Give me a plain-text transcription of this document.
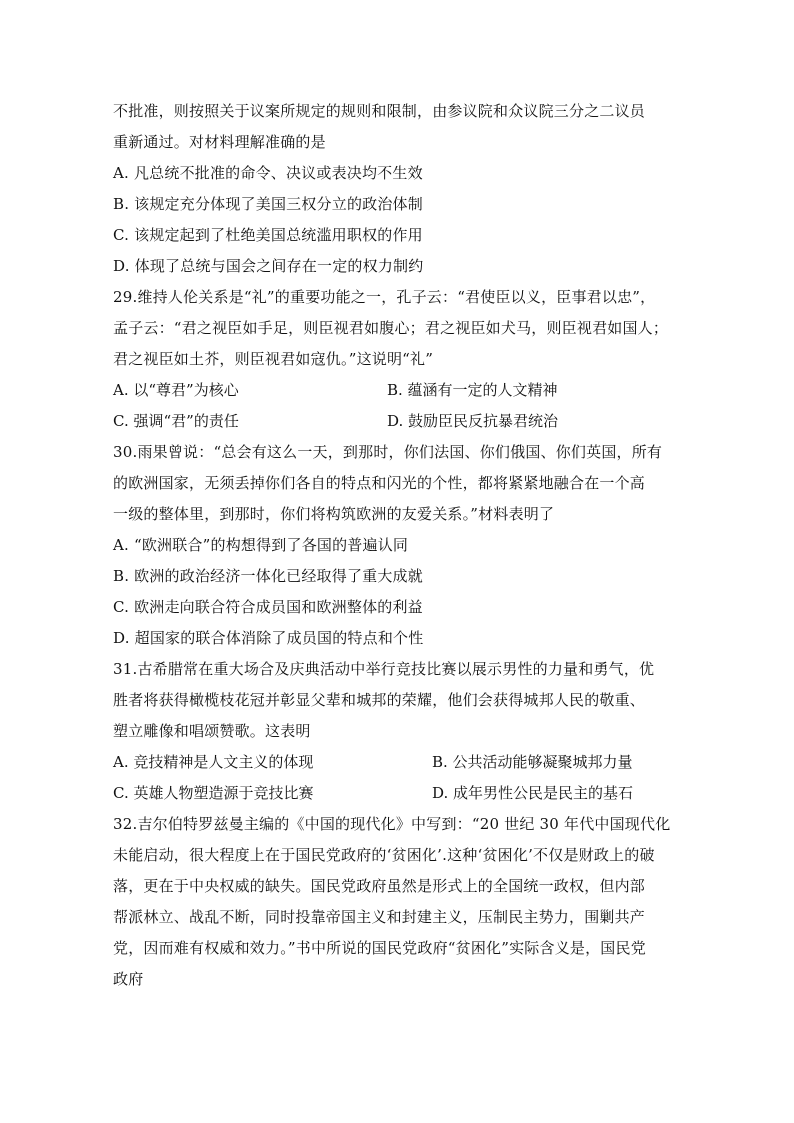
不批准，则按照关于议案所规定的规则和限制，由参议院和众议院三分之二议员
重新通过。对材料理解准确的是
A. 凡总统不批准的命令、决议或表决均不生效
B. 该规定充分体现了美国三权分立的政治体制
C. 该规定起到了杜绝美国总统滥用职权的作用
D. 体现了总统与国会之间存在一定的权力制约
29.维持人伦关系是“礼”的重要功能之一，孔子云：“君使臣以义，臣事君以忠”，
孟子云：“君之视臣如手足，则臣视君如腹心；君之视臣如犬马，则臣视君如国人；
君之视臣如土芥，则臣视君如寇仇。”这说明“礼”
A. 以“尊君”为核心	B. 蕴涵有一定的人文精神
C. 强调“君”的责任	D. 鼓励臣民反抗暴君统治
30.雨果曾说：“总会有这么一天，到那时，你们法国、你们俄国、你们英国，所有
的欧洲国家，无须丢掉你们各自的特点和闪光的个性，都将紧紧地融合在一个高
一级的整体里，到那时，你们将构筑欧洲的友爱关系。”材料表明了
A. “欧洲联合”的构想得到了各国的普遍认同
B. 欧洲的政治经济一体化已经取得了重大成就
C. 欧洲走向联合符合成员国和欧洲整体的利益
D. 超国家的联合体消除了成员国的特点和个性
31.古希腊常在重大场合及庆典活动中举行竞技比赛以展示男性的力量和勇气，优
胜者将获得橄榄枝花冠并彰显父辈和城邦的荣耀，他们会获得城邦人民的敬重、
塑立雕像和唱颂赞歌。这表明
A. 竞技精神是人文主义的体现	B. 公共活动能够凝聚城邦力量
C. 英雄人物塑造源于竞技比赛	D. 成年男性公民是民主的基石
32.吉尔伯特罗兹曼主编的《中国的现代化》中写到：“20 世纪 30 年代中国现代化
未能启动，很大程度上在于国民党政府的‘贫困化’.这种‘贫困化’不仅是财政上的破
落，更在于中央权威的缺失。国民党政府虽然是形式上的全国统一政权，但内部
帮派林立、战乱不断，同时投靠帝国主义和封建主义，压制民主势力，围剿共产
党，因而难有权威和效力。”书中所说的国民党政府“贫困化”实际含义是，国民党
政府
